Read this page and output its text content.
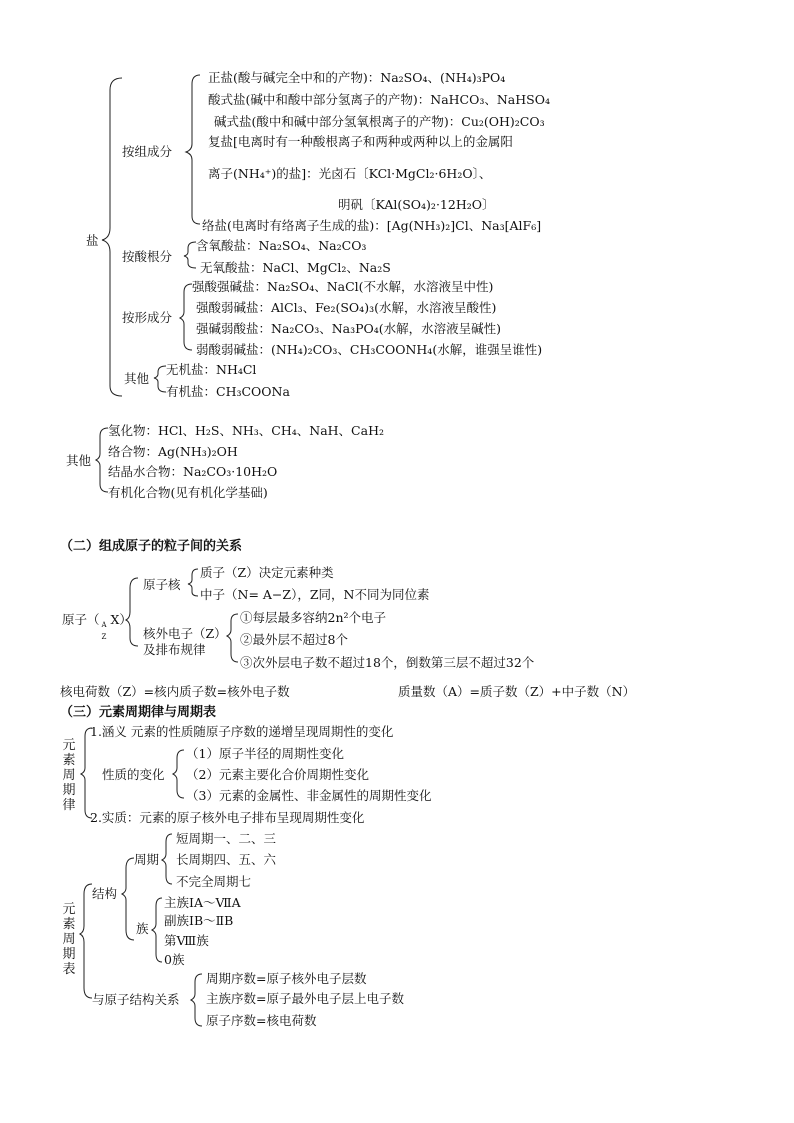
盐
按组成分
正盐(酸与碱完全中和的产物)：Na₂SO₄、(NH₄)₃PO₄
酸式盐(碱中和酸中部分氢离子的产物)：NaHCO₃、NaHSO₄
碱式盐(酸中和碱中部分氢氧根离子的产物)：Cu₂(OH)₂CO₃
复盐[电离时有一种酸根离子和两种或两种以上的金属阳
离子(NH₄⁺)的盐]：光卤石〔KCl·MgCl₂·6H₂O〕、
明矾〔KAl(SO₄)₂·12H₂O〕
络盐(电离时有络离子生成的盐)：[Ag(NH₃)₂]Cl、Na₃[AlF₆]
按酸根分
含氧酸盐：Na₂SO₄、Na₂CO₃
无氧酸盐：NaCl、MgCl₂、Na₂S
按形成分
强酸强碱盐：Na₂SO₄、NaCl(不水解，水溶液呈中性)
强酸弱碱盐：AlCl₃、Fe₂(SO₄)₃(水解，水溶液呈酸性)
强碱弱酸盐：Na₂CO₃、Na₃PO₄(水解，水溶液呈碱性)
弱酸弱碱盐：(NH₄)₂CO₃、CH₃COONH₄(水解，谁强呈谁性)
其他
无机盐：NH₄Cl
有机盐：CH₃COONa
其他
氢化物：HCl、H₂S、NH₃、CH₄、NaH、CaH₂
络合物：Ag(NH₃)₂OH
结晶水合物：Na₂CO₃·10H₂O
有机化合物(见有机化学基础)
（二）组成原子的粒子间的关系
原子（ A
Z
X）
原子核
质子（Z）决定元素种类
中子（N= A−Z），Z同，N不同为同位素
核外电子（Z）
及排布规律
①每层最多容纳2n²个电子
②最外层不超过8个
③次外层电子数不超过18个，倒数第三层不超过32个
核电荷数（Z）=核内质子数=核外电子数	质量数（A）=质子数（Z）+中子数（N）
（三）元素周期律与周期表
元素周期律
1.涵义 元素的性质随原子序数的递增呈现周期性的变化
性质的变化
（1）原子半径的周期性变化
（2）元素主要化合价周期性变化
（3）元素的金属性、非金属性的周期性变化
2.实质：元素的原子核外电子排布呈现周期性变化
元素周期表
结构
周期
短周期一、二、三
长周期四、五、六
不完全周期七
族
主族ⅠA～ⅦA
副族ⅠB～ⅡB
第Ⅷ族
0族
与原子结构关系
周期序数=原子核外电子层数
主族序数=原子最外电子层上电子数
原子序数=核电荷数
